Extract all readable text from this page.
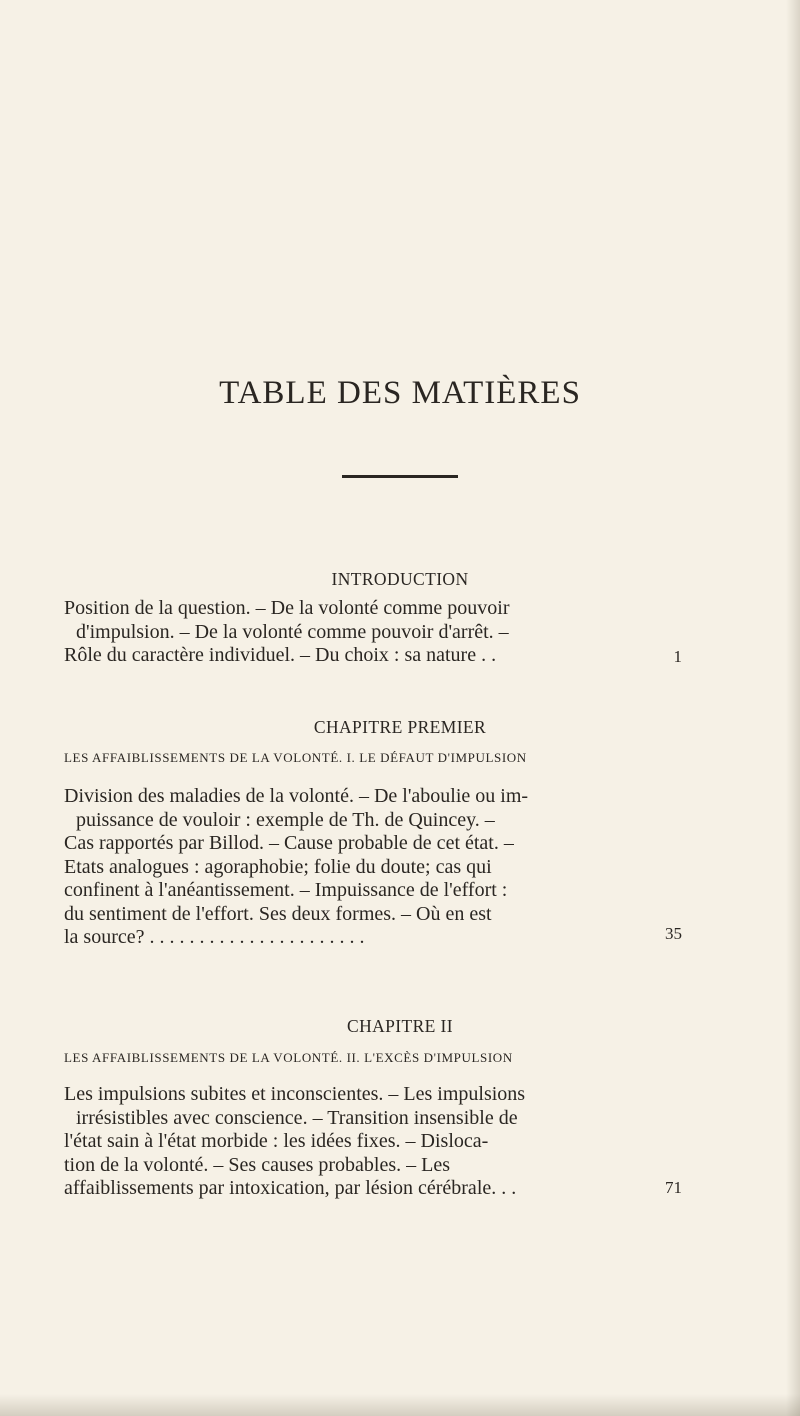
TABLE DES MATIÈRES
INTRODUCTION
Position de la question. – De la volonté comme pouvoir
d'impulsion. – De la volonté comme pouvoir d'arrêt. –
Rôle du caractère individuel. – Du choix : sa nature . .	1
CHAPITRE PREMIER
LES AFFAIBLISSEMENTS DE LA VOLONTÉ. I. LE DÉFAUT D'IMPULSION
Division des maladies de la volonté. – De l'aboulie ou im-
puissance de vouloir : exemple de Th. de Quincey. –
Cas rapportés par Billod. – Cause probable de cet état. –
Etats analogues : agoraphobie; folie du doute; cas qui
confinent à l'anéantissement. – Impuissance de l'effort :
du sentiment de l'effort. Ses deux formes. – Où en est
la source? . . . . . . . . . . . . . . . . . . . . . .	35
CHAPITRE II
LES AFFAIBLISSEMENTS DE LA VOLONTÉ. II. L'EXCÈS D'IMPULSION
Les impulsions subites et inconscientes. – Les impulsions
irrésistibles avec conscience. – Transition insensible de
l'état sain à l'état morbide : les idées fixes. – Disloca-
tion de la volonté. – Ses causes probables. – Les
affaiblissements par intoxication, par lésion cérébrale. . .	71
